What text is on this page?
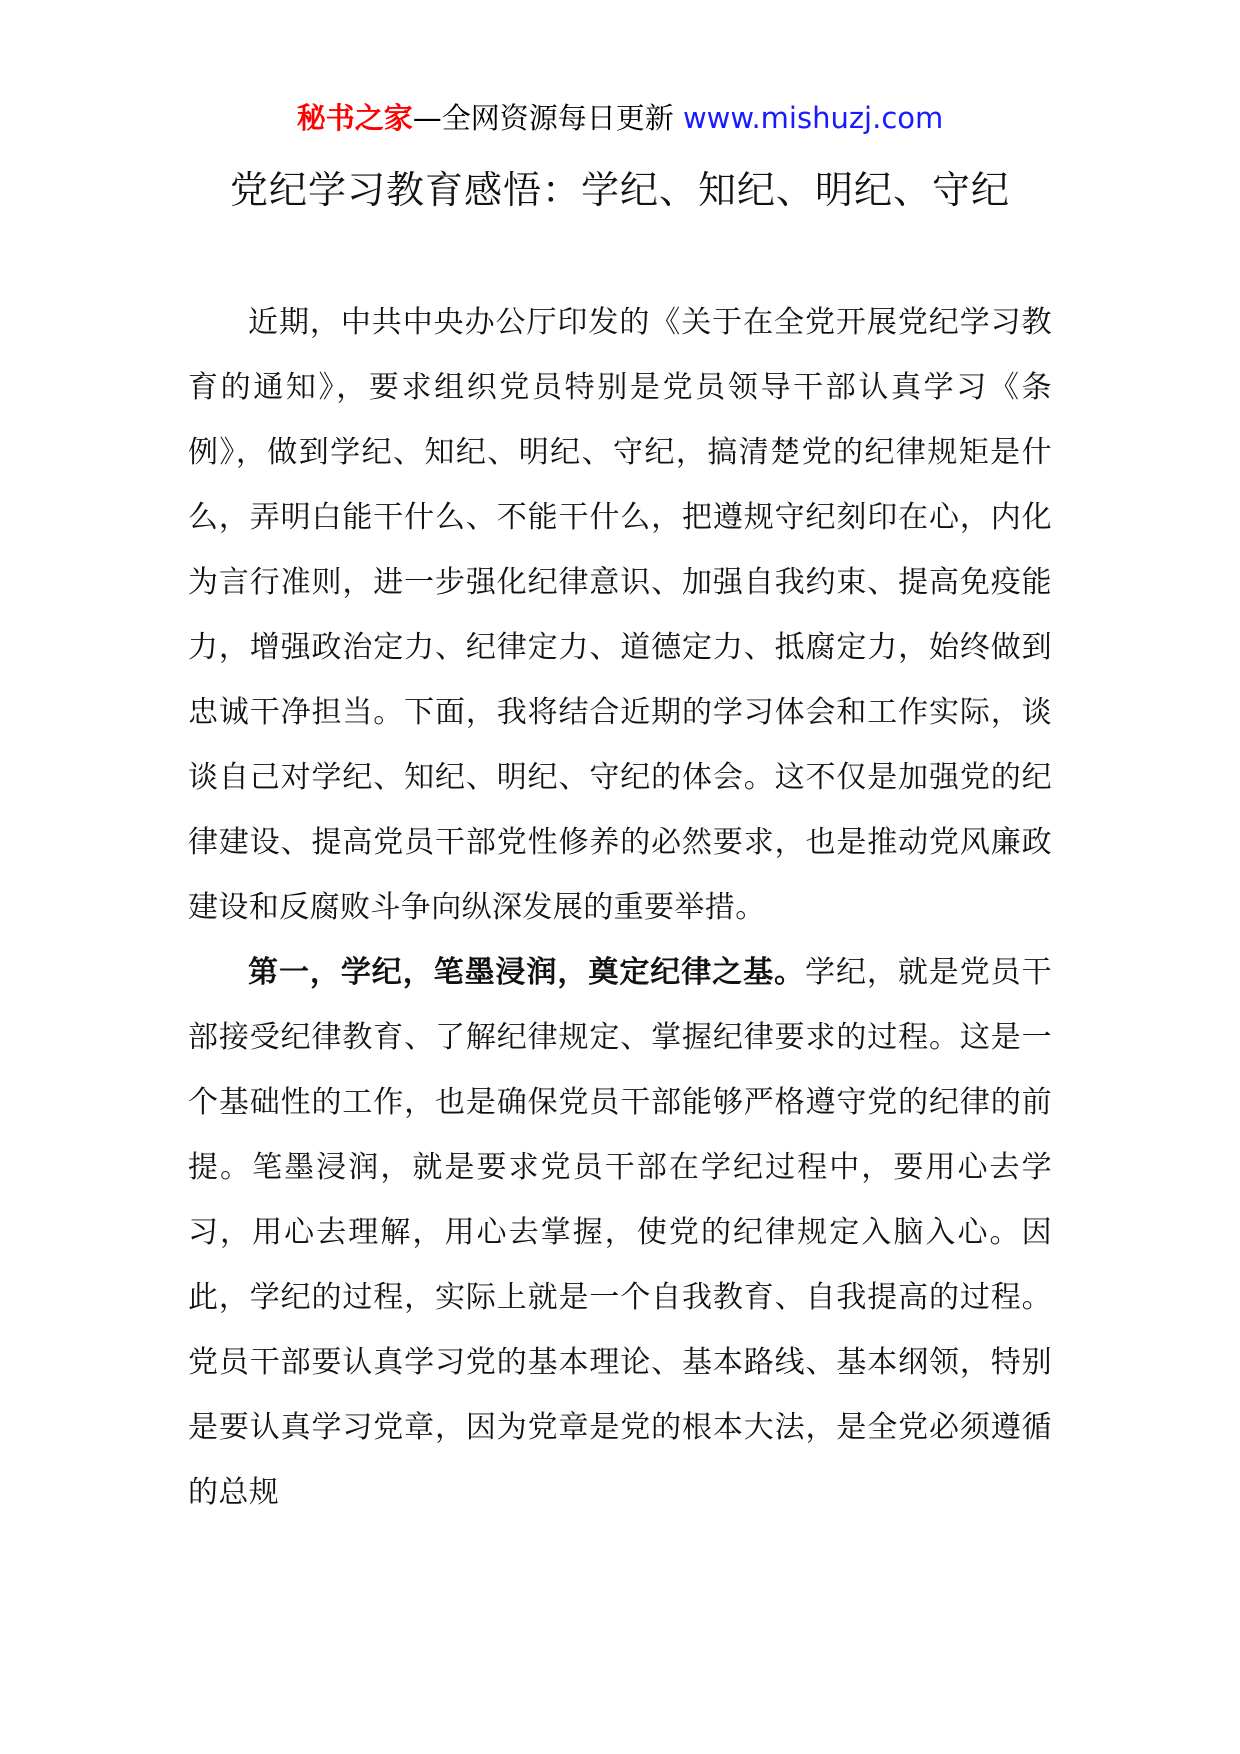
秘书之家—全网资源每日更新 www.mishuzj.com
党纪学习教育感悟：学纪、知纪、明纪、守纪

近期，中共中央办公厅印发的《关于在全党开展党纪学习教育的通知》，要求组织党员特别是党员领导干部认真学习《条例》，做到学纪、知纪、明纪、守纪，搞清楚党的纪律规矩是什么，弄明白能干什么、不能干什么，把遵规守纪刻印在心，内化为言行准则，进一步强化纪律意识、加强自我约束、提高免疫能力，增强政治定力、纪律定力、道德定力、抵腐定力，始终做到忠诚干净担当。下面，我将结合近期的学习体会和工作实际，谈谈自己对学纪、知纪、明纪、守纪的体会。这不仅是加强党的纪律建设、提高党员干部党性修养的必然要求，也是推动党风廉政建设和反腐败斗争向纵深发展的重要举措。

第一，学纪，笔墨浸润，奠定纪律之基。学纪，就是党员干部接受纪律教育、了解纪律规定、掌握纪律要求的过程。这是一个基础性的工作，也是确保党员干部能够严格遵守党的纪律的前提。笔墨浸润，就是要求党员干部在学纪过程中，要用心去学习，用心去理解，用心去掌握，使党的纪律规定入脑入心。因此，学纪的过程，实际上就是一个自我教育、自我提高的过程。党员干部要认真学习党的基本理论、基本路线、基本纲领，特别是要认真学习党章，因为党章是党的根本大法，是全党必须遵循的总规
